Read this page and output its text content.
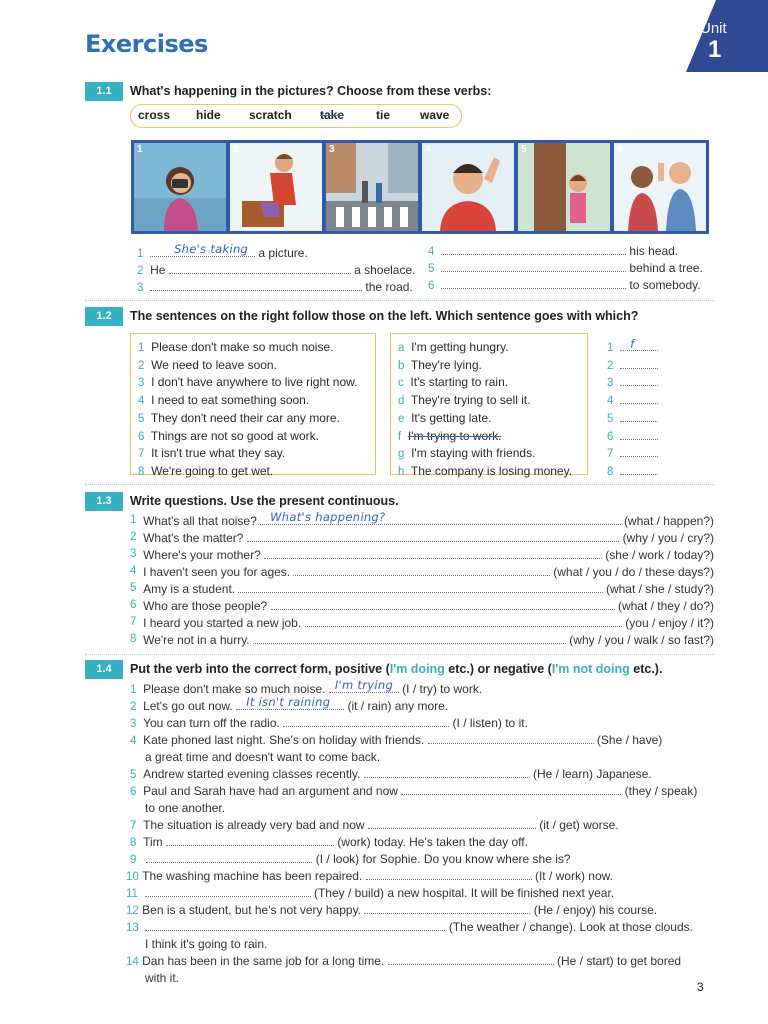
Exercises
Unit
1
1.1	What's happening in the pictures? Choose from these verbs:
cross hide scratch take	tie wave
1	2	3	4	5	6
1	She's taking a picture.
2 He	a shoelace.
3	the road.
4	his head.
5	behind a tree.
6	to somebody.
1.2	The sentences on the right follow those on the left. Which sentence goes with which?
1 Please don't make so much noise.
2 We need to leave soon.
3 I don't have anywhere to live right now.
4 I need to eat something soon.
5 They don't need their car any more.
6 Things are not so good at work.
7 It isn't true what they say.
8 We're going to get wet.
a I'm getting hungry.
b They're lying.
c It's starting to rain.
d They're trying to sell it.
e It's getting late.
f I'm trying to work.
g I'm staying with friends.
h The company is losing money.
1 f
2
3
4
5
6
7
8
1.3	Write questions. Use the present continuous.
1
What's all that noise?
What's happening?
	(what / happen?)
2
What's the matter?

	(why / you / cry?)
3
Where's your mother?

	(she / work / today?)
4
I haven't seen you for ages.

	(what / you / do / these days?)
5
Amy is a student.

	(what / she / study?)
6
Who are those people?

	(what / they / do?)
7
I heard you started a new job.

	(you / enjoy / it?)
8
We're not in a hurry.

	(why / you / walk / so fast?)
1.4	Put the verb into the correct form, positive (I'm doing etc.) or negative (I'm not doing etc.).
1 Please don't make so much noise. I'm trying (I / try) to work.
2 Let's go out now. It isn't raining (it / rain) any more.
3 You can turn off the radio.	(I / listen) to it.
4 Kate phoned last night. She's on holiday with friends.	(She / have)
a great time and doesn't want to come back.
5 Andrew started evening classes recently.	(He / learn) Japanese.
6 Paul and Sarah have had an argument and now	(they / speak)
to one another.
7 The situation is already very bad and now	(it / get) worse.
8 Tim	(work) today. He's taken the day off.
9	(I / look) for Sophie. Do you know where she is?
10 The washing machine has been repaired.	(It / work) now.
11	(They / build) a new hospital. It will be finished next year.
12 Ben is a student, but he's not very happy.	(He / enjoy) his course.
13	(The weather / change). Look at those clouds.
I think it's going to rain.
14 Dan has been in the same job for a long time.	(He / start) to get bored
with it.
3
